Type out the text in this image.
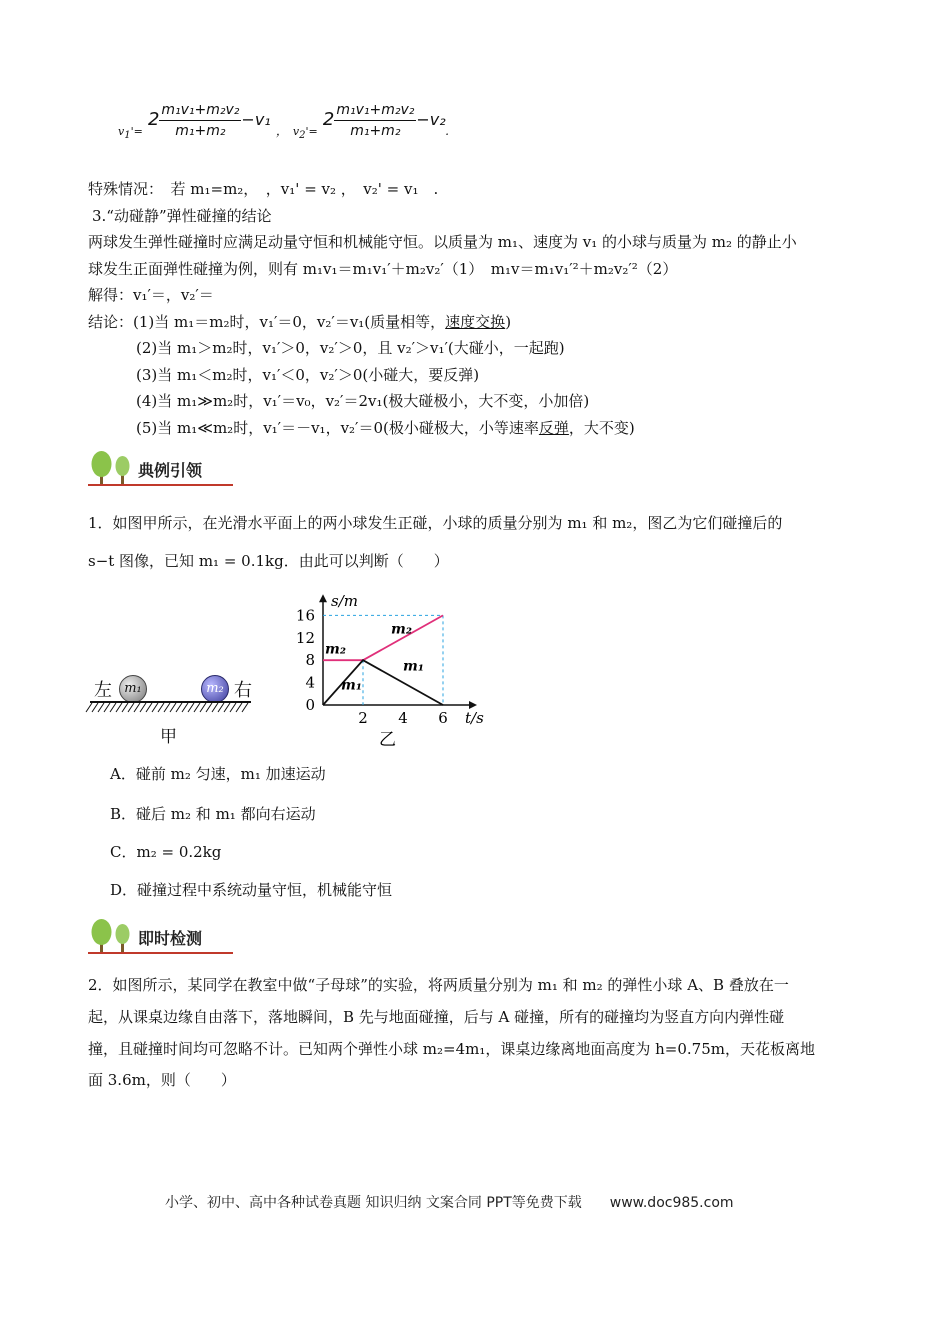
$v1'= 2 \frac{\text{m₁v₁+m₂v₂}}{\text{m₁+m₂}} -v_1$ ， $v2'= 2 \frac{\text{m₁v₁+m₂v₂}}{\text{m₁+m₂}} -v_2$.
特殊情况：　若 m₁=m₂，　，v₁' = v₂ ，　v₂' = v₁　.
3.“动碰静”弹性碰撞的结论
两球发生弹性碰撞时应满足动量守恒和机械能守恒。以质量为 m₁、速度为 v₁ 的小球与质量为 m₂ 的静止小
球发生正面弹性碰撞为例，则有 m₁v₁＝m₁v₁′＋m₂v₂′（1）　m₁v＝m₁v₁′²＋m₂v₂′²（2）
解得：v₁′＝，v₂′＝
结论：(1)当 m₁＝m₂时，v₁′＝0，v₂′＝v₁(质量相等，速度交换)
(2)当 m₁＞m₂时，v₁′＞0，v₂′＞0，且 v₂′＞v₁′(大碰小，一起跑)
(3)当 m₁＜m₂时，v₁′＜0，v₂′＞0(小碰大，要反弹)
(4)当 m₁≫m₂时，v₁′＝v₀，v₂′＝2v₁(极大碰极小，大不变，小加倍)
(5)当 m₁≪m₂时，v₁′＝－v₁，v₂′＝0(极小碰极大，小等速率反弹，大不变)
典例引领
1．如图甲所示，在光滑水平面上的两小球发生正碰，小球的质量分别为 m₁ 和 m₂，图乙为它们碰撞后的
s−t 图像，已知 m₁ = 0.1kg．由此可以判断（　　）
左 m₁	m₂ 右
甲
s/m
t/s
16
12
8
4
0
2 4 6
m₂
m₂
m₁
m₁
乙
A．碰前 m₂ 匀速，m₁ 加速运动
B．碰后 m₂ 和 m₁ 都向右运动
C．m₂ = 0.2kg
D．碰撞过程中系统动量守恒，机械能守恒
即时检测
2．如图所示，某同学在教室中做“子母球”的实验，将两质量分别为 m₁ 和 m₂ 的弹性小球 A、B 叠放在一
起，从课桌边缘自由落下，落地瞬间，B 先与地面碰撞，后与 A 碰撞，所有的碰撞均为竖直方向内弹性碰
撞，且碰撞时间均可忽略不计。已知两个弹性小球 m₂=4m₁，课桌边缘离地面高度为 h=0.75m，天花板离地
面 3.6m，则（　　）
小学、初中、高中各种试卷真题 知识归纳 文案合同 PPT等免费下载　　www.doc985.com
